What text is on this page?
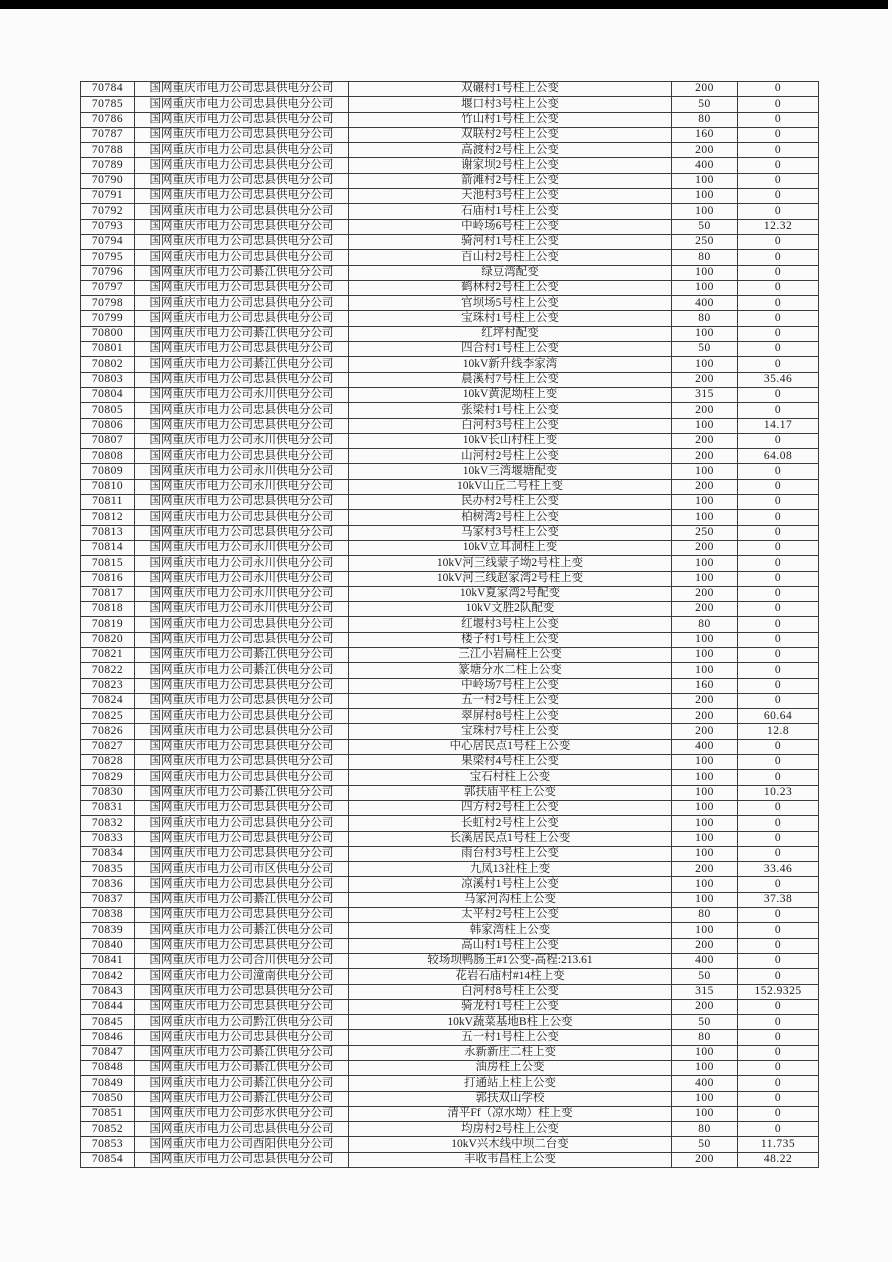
70784	国网重庆市电力公司忠县供电分公司	双碾村1号柱上公变	200	0
70785	国网重庆市电力公司忠县供电分公司	堰口村3号柱上公变	50	0
70786	国网重庆市电力公司忠县供电分公司	竹山村1号柱上公变	80	0
70787	国网重庆市电力公司忠县供电分公司	双联村2号柱上公变	160	0
70788	国网重庆市电力公司忠县供电分公司	高渡村2号柱上公变	200	0
70789	国网重庆市电力公司忠县供电分公司	谢家坝2号柱上公变	400	0
70790	国网重庆市电力公司忠县供电分公司	箭滩村2号柱上公变	100	0
70791	国网重庆市电力公司忠县供电分公司	天池村3号柱上公变	100	0
70792	国网重庆市电力公司忠县供电分公司	石庙村1号柱上公变	100	0
70793	国网重庆市电力公司忠县供电分公司	中岭场6号柱上公变	50	12.32
70794	国网重庆市电力公司忠县供电分公司	骑河村1号柱上公变	250	0
70795	国网重庆市电力公司忠县供电分公司	百山村2号柱上公变	80	0
70796	国网重庆市电力公司綦江供电分公司	绿豆湾配变	100	0
70797	国网重庆市电力公司忠县供电分公司	鹤林村2号柱上公变	100	0
70798	国网重庆市电力公司忠县供电分公司	官坝场5号柱上公变	400	0
70799	国网重庆市电力公司忠县供电分公司	宝珠村1号柱上公变	80	0
70800	国网重庆市电力公司綦江供电分公司	红坪村配变	100	0
70801	国网重庆市电力公司忠县供电分公司	四合村1号柱上公变	50	0
70802	国网重庆市电力公司綦江供电分公司	10kV新升线李家湾	100	0
70803	国网重庆市电力公司忠县供电分公司	晨溪村7号柱上公变	200	35.46
70804	国网重庆市电力公司永川供电分公司	10kV黄泥坳柱上变	315	0
70805	国网重庆市电力公司忠县供电分公司	张梁村1号柱上公变	200	0
70806	国网重庆市电力公司忠县供电分公司	白河村3号柱上公变	100	14.17
70807	国网重庆市电力公司永川供电分公司	10kV长山村柱上变	200	0
70808	国网重庆市电力公司忠县供电分公司	山河村2号柱上公变	200	64.08
70809	国网重庆市电力公司永川供电分公司	10kV三湾堰塘配变	100	0
70810	国网重庆市电力公司永川供电分公司	10kV山丘二号柱上变	200	0
70811	国网重庆市电力公司忠县供电分公司	民办村2号柱上公变	100	0
70812	国网重庆市电力公司忠县供电分公司	柏树湾2号柱上公变	100	0
70813	国网重庆市电力公司忠县供电分公司	马家村3号柱上公变	250	0
70814	国网重庆市电力公司永川供电分公司	10kV立耳洞柱上变	200	0
70815	国网重庆市电力公司永川供电分公司	10kV河三线蒙子坳2号柱上变	100	0
70816	国网重庆市电力公司永川供电分公司	10kV河三线赵家湾2号柱上变	100	0
70817	国网重庆市电力公司永川供电分公司	10kV夏家湾2号配变	200	0
70818	国网重庆市电力公司永川供电分公司	10kV文胜2队配变	200	0
70819	国网重庆市电力公司忠县供电分公司	红堰村3号柱上公变	80	0
70820	国网重庆市电力公司忠县供电分公司	楼子村1号柱上公变	100	0
70821	国网重庆市电力公司綦江供电分公司	三江小岩扁柱上公变	100	0
70822	国网重庆市电力公司綦江供电分公司	篆塘分水二柱上公变	100	0
70823	国网重庆市电力公司忠县供电分公司	中岭场7号柱上公变	160	0
70824	国网重庆市电力公司忠县供电分公司	五一村2号柱上公变	200	0
70825	国网重庆市电力公司忠县供电分公司	翠屏村8号柱上公变	200	60.64
70826	国网重庆市电力公司忠县供电分公司	宝珠村7号柱上公变	200	12.8
70827	国网重庆市电力公司忠县供电分公司	中心居民点1号柱上公变	400	0
70828	国网重庆市电力公司忠县供电分公司	果梁村4号柱上公变	100	0
70829	国网重庆市电力公司忠县供电分公司	宝石村柱上公变	100	0
70830	国网重庆市电力公司綦江供电分公司	郭扶庙平柱上公变	100	10.23
70831	国网重庆市电力公司忠县供电分公司	四方村2号柱上公变	100	0
70832	国网重庆市电力公司忠县供电分公司	长虹村2号柱上公变	100	0
70833	国网重庆市电力公司忠县供电分公司	长溪居民点1号柱上公变	100	0
70834	国网重庆市电力公司忠县供电分公司	雨台村3号柱上公变	100	0
70835	国网重庆市电力公司市区供电分公司	九凤13社柱上变	200	33.46
70836	国网重庆市电力公司忠县供电分公司	凉溪村1号柱上公变	100	0
70837	国网重庆市电力公司綦江供电分公司	马家河沟柱上公变	100	37.38
70838	国网重庆市电力公司忠县供电分公司	太平村2号柱上公变	80	0
70839	国网重庆市电力公司綦江供电分公司	韩家湾柱上公变	100	0
70840	国网重庆市电力公司忠县供电分公司	高山村1号柱上公变	200	0
70841	国网重庆市电力公司合川供电分公司	较场坝鸭肠王#1公变-高程:213.61	400	0
70842	国网重庆市电力公司潼南供电分公司	花岩石庙村#14柱上变	50	0
70843	国网重庆市电力公司忠县供电分公司	白河村8号柱上公变	315	152.9325
70844	国网重庆市电力公司忠县供电分公司	骑龙村1号柱上公变	200	0
70845	国网重庆市电力公司黔江供电分公司	10kV蔬菜基地B柱上公变	50	0
70846	国网重庆市电力公司忠县供电分公司	五一村1号柱上公变	80	0
70847	国网重庆市电力公司綦江供电分公司	永新新庄二柱上变	100	0
70848	国网重庆市电力公司綦江供电分公司	油房柱上公变	100	0
70849	国网重庆市电力公司綦江供电分公司	打通站上柱上公变	400	0
70850	国网重庆市电力公司綦江供电分公司	郭扶双山学校	100	0
70851	国网重庆市电力公司彭水供电分公司	清平Ff（凉水坳）柱上变	100	0
70852	国网重庆市电力公司忠县供电分公司	均房村2号柱上公变	80	0
70853	国网重庆市电力公司酉阳供电分公司	10kV兴木线中坝二台变	50	11.735
70854	国网重庆市电力公司忠县供电分公司	丰收韦昌柱上公变	200	48.22
